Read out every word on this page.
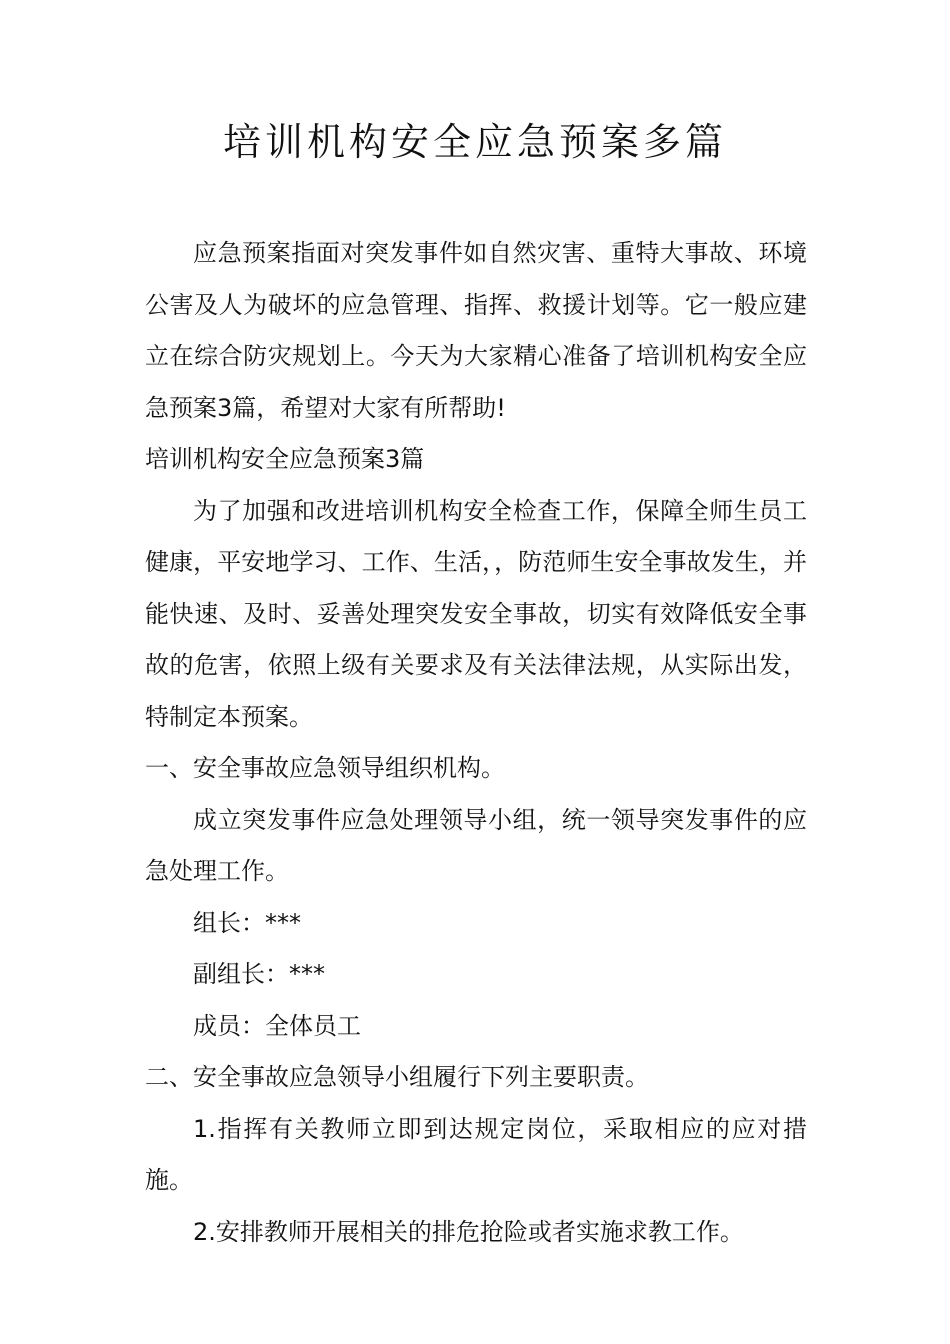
培训机构安全应急预案多篇

应急预案指面对突发事件如自然灾害、重特大事故、环境公害及人为破坏的应急管理、指挥、救援计划等。它一般应建立在综合防灾规划上。今天为大家精心准备了培训机构安全应急预案3篇，希望对大家有所帮助!

培训机构安全应急预案3篇

为了加强和改进培训机构安全检查工作，保障全师生员工健康，平安地学习、工作、生活，，防范师生安全事故发生，并能快速、及时、妥善处理突发安全事故，切实有效降低安全事故的危害，依照上级有关要求及有关法律法规，从实际出发，特制定本预案。

一、安全事故应急领导组织机构。

成立突发事件应急处理领导小组，统一领导突发事件的应急处理工作。

组长：***

副组长：***

成员：全体员工

二、安全事故应急领导小组履行下列主要职责。

1.指挥有关教师立即到达规定岗位，采取相应的应对措施。

2.安排教师开展相关的排危抢险或者实施求教工作。
